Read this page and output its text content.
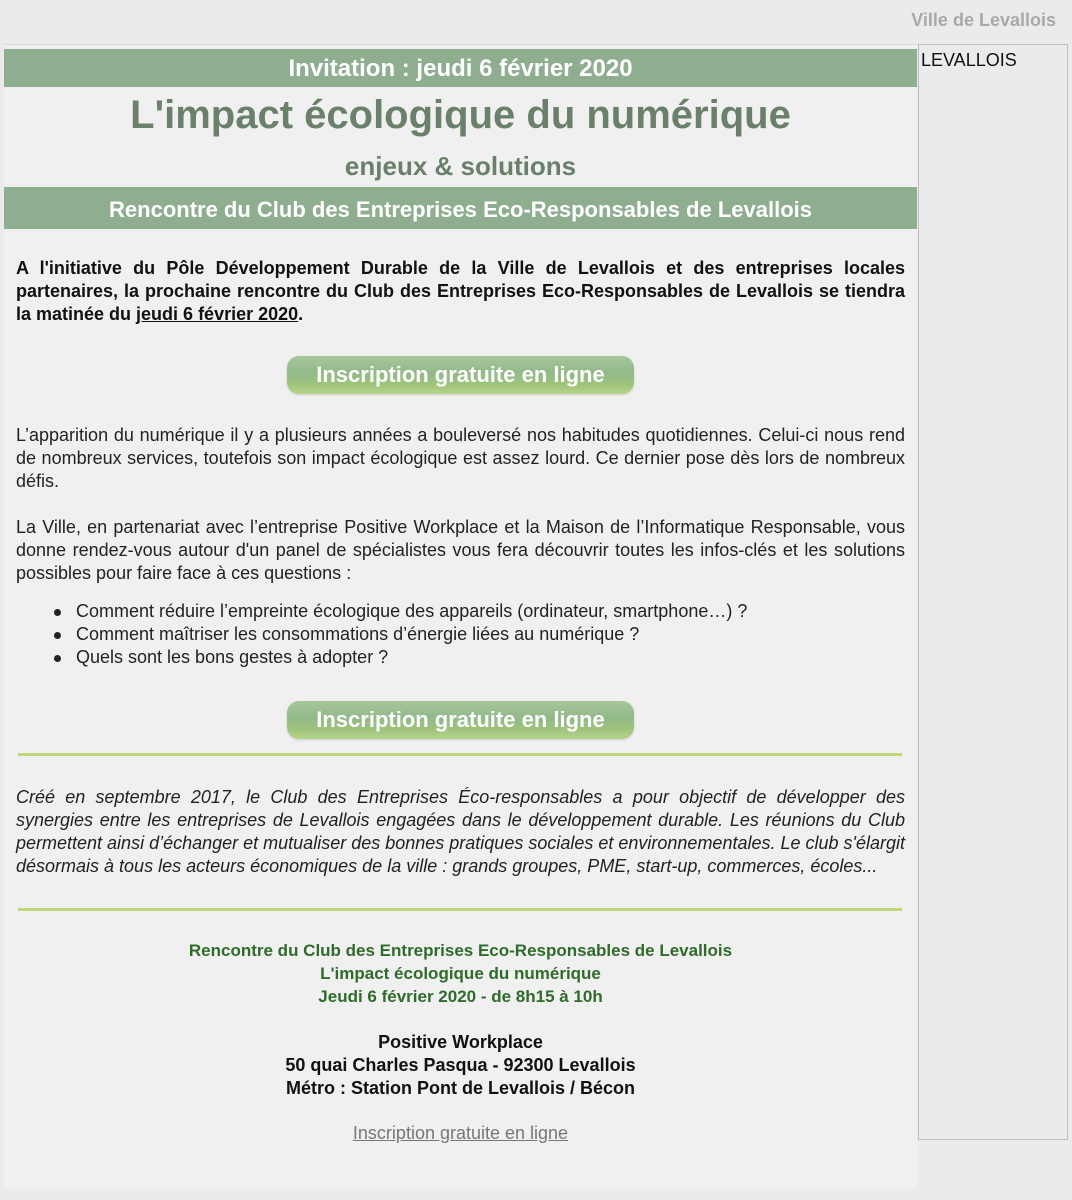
Ville de Levallois
Invitation : jeudi 6 février 2020
L'impact écologique du numérique
enjeux & solutions
Rencontre du Club des Entreprises Eco-Responsables de Levallois

A l'initiative du Pôle Développement Durable de la Ville de Levallois et des entreprises locales partenaires, la prochaine rencontre du Club des Entreprises Eco-Responsables de Levallois se tiendra la matinée du jeudi 6 février 2020.

Inscription gratuite en ligne

L’apparition du numérique il y a plusieurs années a bouleversé nos habitudes quotidiennes. Celui-ci nous rend de nombreux services, toutefois son impact écologique est assez lourd. Ce dernier pose dès lors de nombreux défis.

La Ville, en partenariat avec l’entreprise Positive Workplace et la Maison de l’Informatique Responsable, vous donne rendez-vous autour d'un panel de spécialistes vous fera découvrir toutes les infos-clés et les solutions possibles pour faire face à ces questions :

Comment réduire l’empreinte écologique des appareils (ordinateur, smartphone…) ?
Comment maîtriser les consommations d’énergie liées au numérique ?
Quels sont les bons gestes à adopter ?
Inscription gratuite en ligne

Créé en septembre 2017, le Club des Entreprises Éco-responsables a pour objectif de développer des synergies entre les entreprises de Levallois engagées dans le développement durable. Les réunions du Club permettent ainsi d’échanger et mutualiser des bonnes pratiques sociales et environnementales. Le club s'élargit désormais à tous les acteurs économiques de la ville : grands groupes, PME, start-up, commerces, écoles...

Rencontre du Club des Entreprises Eco-Responsables de Levallois
L'impact écologique du numérique
Jeudi 6 février 2020 - de 8h15 à 10h
Positive Workplace
50 quai Charles Pasqua - 92300 Levallois
Métro : Station Pont de Levallois / Bécon
Inscription gratuite en ligne
LEVALLOIS
